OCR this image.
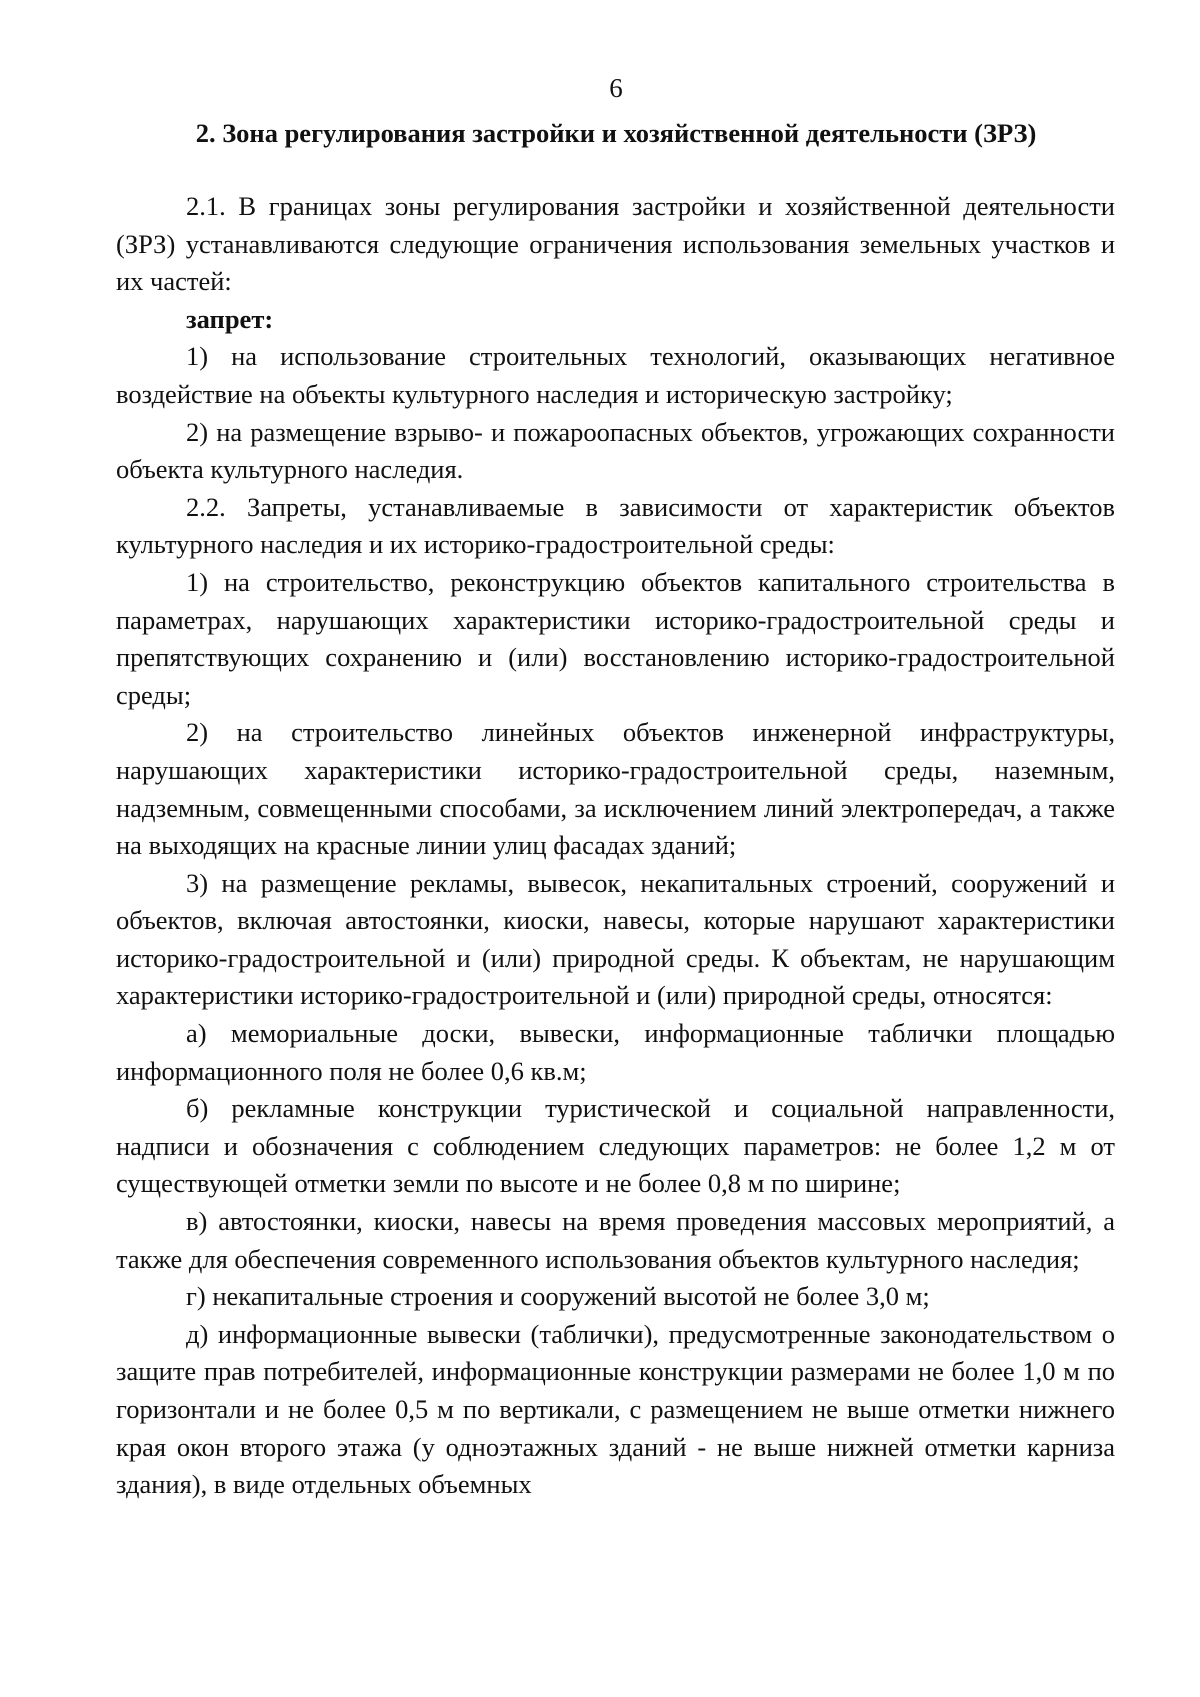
6
2. Зона регулирования застройки и хозяйственной деятельности (ЗРЗ)

2.1. В границах зоны регулирования застройки и хозяйственной деятельности (ЗРЗ) устанавливаются следующие ограничения использования земельных участков и их частей:

запрет:

1) на использование строительных технологий, оказывающих негативное воздействие на объекты культурного наследия и историческую застройку;

2) на размещение взрыво- и пожароопасных объектов, угрожающих сохранности объекта культурного наследия.

2.2. Запреты, устанавливаемые в зависимости от характеристик объектов культурного наследия и их историко-градостроительной среды:

1) на строительство, реконструкцию объектов капитального строительства в параметрах, нарушающих характеристики историко-градостроительной среды и препятствующих сохранению и (или) восстановлению историко-градостроительной среды;

2) на строительство линейных объектов инженерной инфраструктуры, нарушающих характеристики историко-градостроительной среды, наземным, надземным, совмещенными способами, за исключением линий электропередач, а также на выходящих на красные линии улиц фасадах зданий;

3) на размещение рекламы, вывесок, некапитальных строений, сооружений и объектов, включая автостоянки, киоски, навесы, которые нарушают характеристики историко-градостроительной и (или) природной среды. К объектам, не нарушающим характеристики историко-градостроительной и (или) природной среды, относятся:

а) мемориальные доски, вывески, информационные таблички площадью информационного поля не более 0,6 кв.м;

б) рекламные конструкции туристической и социальной направленности, надписи и обозначения с соблюдением следующих параметров: не более 1,2 м от существующей отметки земли по высоте и не более 0,8 м по ширине;

в) автостоянки, киоски, навесы на время проведения массовых мероприятий, а также для обеспечения современного использования объектов культурного наследия;

г) некапитальные строения и сооружений высотой не более 3,0 м;

д) информационные вывески (таблички), предусмотренные законодательством о защите прав потребителей, информационные конструкции размерами не более 1,0 м по горизонтали и не более 0,5 м по вертикали, с размещением не выше отметки нижнего края окон второго этажа (у одноэтажных зданий - не выше нижней отметки карниза здания), в виде отдельных объемных
